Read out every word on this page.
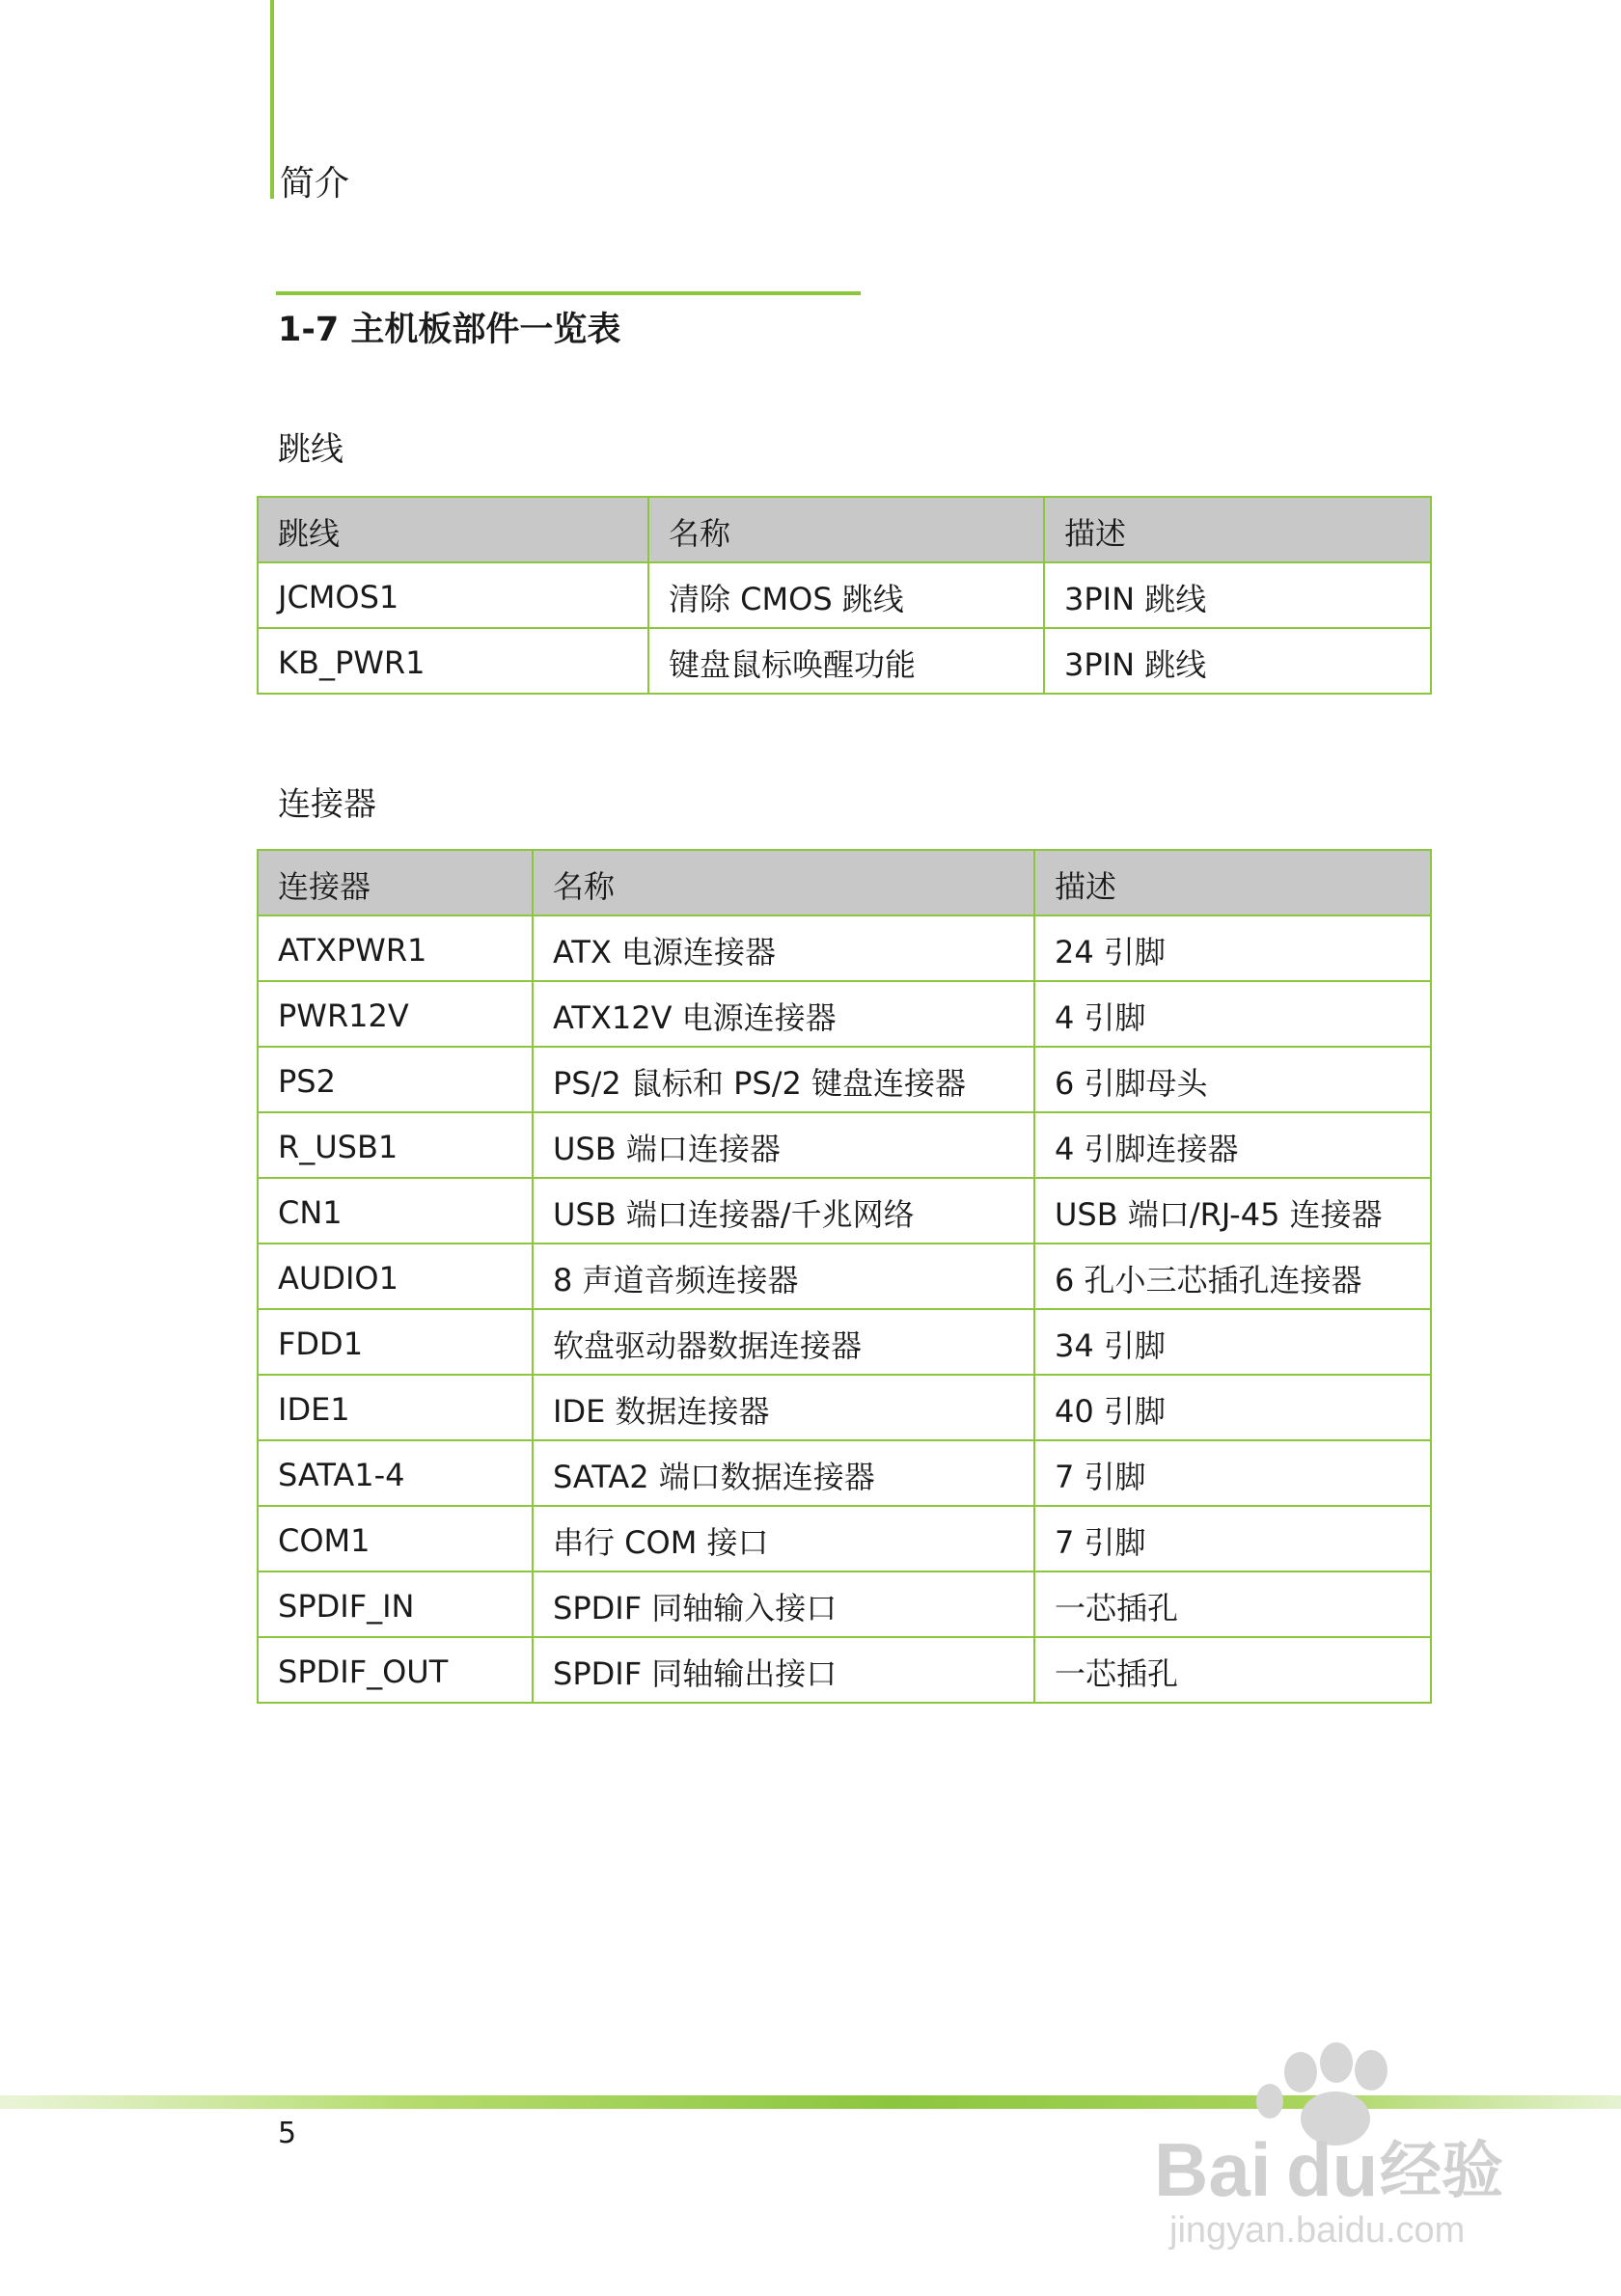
简介
1-7 主机板部件一览表
跳线
跳线	名称	描述
JCMOS1	清除 CMOS 跳线	3PIN 跳线
KB_PWR1	键盘鼠标唤醒功能	3PIN 跳线
连接器
连接器	名称	描述
ATXPWR1	ATX 电源连接器	24 引脚
PWR12V	ATX12V 电源连接器	4 引脚
PS2	PS/2 鼠标和 PS/2 键盘连接器	6 引脚母头
R_USB1	USB 端口连接器	4 引脚连接器
CN1	USB 端口连接器/千兆网络	USB 端口/RJ-45 连接器
AUDIO1	8 声道音频连接器	6 孔小三芯插孔连接器
FDD1	软盘驱动器数据连接器	34 引脚
IDE1	IDE 数据连接器	40 引脚
SATA1-4	SATA2 端口数据连接器	7 引脚
COM1	串行 COM 接口	7 引脚
SPDIF_IN	SPDIF 同轴输入接口	一芯插孔
SPDIF_OUT	SPDIF 同轴输出接口	一芯插孔
5	Bai du 经验
jingyan.baidu.com
